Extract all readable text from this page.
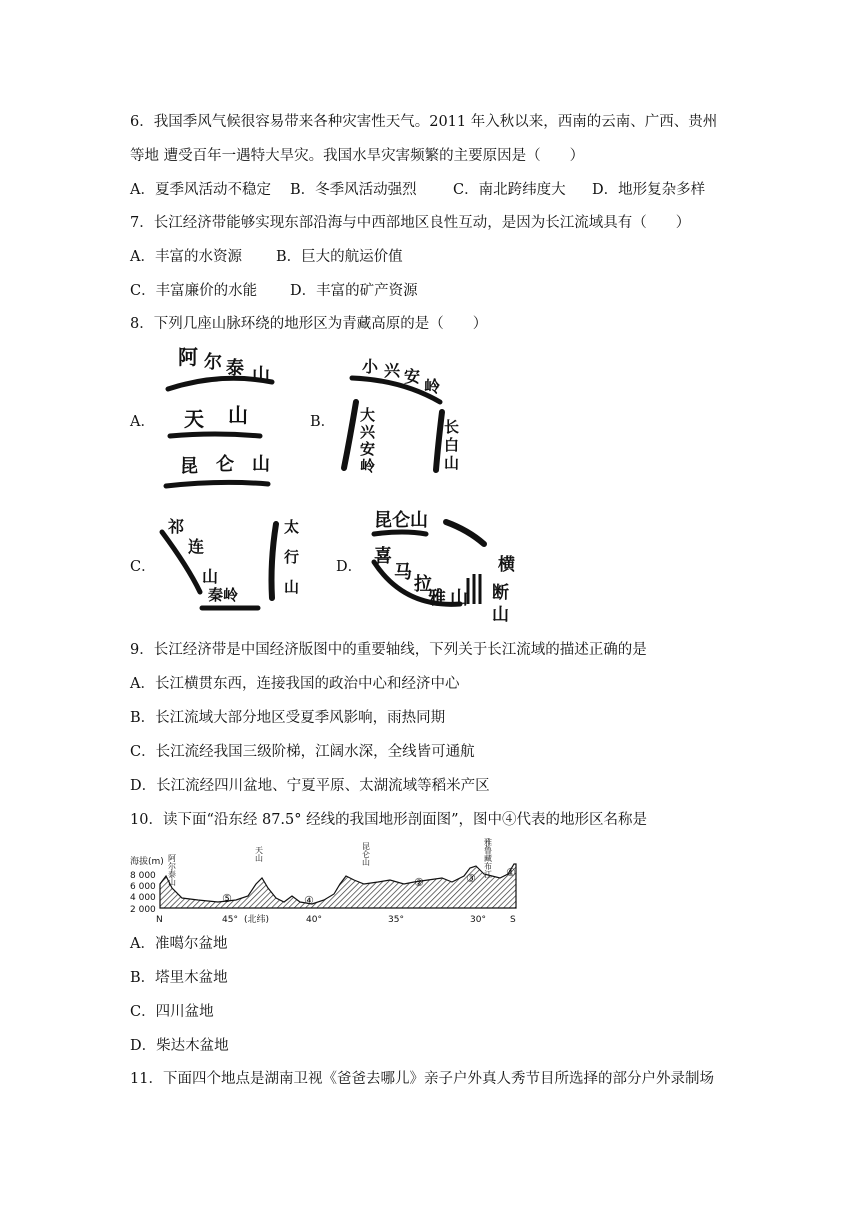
6．我国季风气候很容易带来各种灾害性天气。2011 年入秋以来，西南的云南、广西、贵州
等地 遭受百年一遇特大旱灾。我国水旱灾害频繁的主要原因是（　　）
A．夏季风活动不稳定 B．冬季风活动强烈	C．南北跨纬度大 D．地形复杂多样
7．长江经济带能够实现东部沿海与中西部地区良性互动，是因为长江流域具有（　　）
A．丰富的水资源 B．巨大的航运价值
C．丰富廉价的水能 D．丰富的矿产资源
8．下列几座山脉环绕的地形区为青藏高原的是（　　）
A．	B．
C．	D．
阿 尔 泰 山
天 山
昆 仑 山
小 兴 安
岭
大
兴
安
岭
长
白
山
祁
连
山
秦岭
太
行
山
昆仑山
喜
马
拉
雅 山
横
断
山
9．长江经济带是中国经济版图中的重要轴线，下列关于长江流域的描述正确的是
A．长江横贯东西，连接我国的政治中心和经济中心
B．长江流域大部分地区受夏季风影响，雨热同期
C．长江流经我国三级阶梯，江阔水深，全线皆可通航
D．长江流经四川盆地、宁夏平原、太湖流域等稻米产区
10．读下面“沿东经 87.5° 经线的我国地形剖面图”，图中④代表的地形区名称是
海拔(m)
8 000
6 000
4 000
2 000
阿尔泰山	天山	昆仑山	雅鲁藏布江 ①
②	③
④
⑤
N	45° (北纬)	40°	35°	30°	S
A．准噶尔盆地
B．塔里木盆地
C．四川盆地
D．柴达木盆地
11．下面四个地点是湖南卫视《爸爸去哪儿》亲子户外真人秀节目所选择的部分户外录制场
